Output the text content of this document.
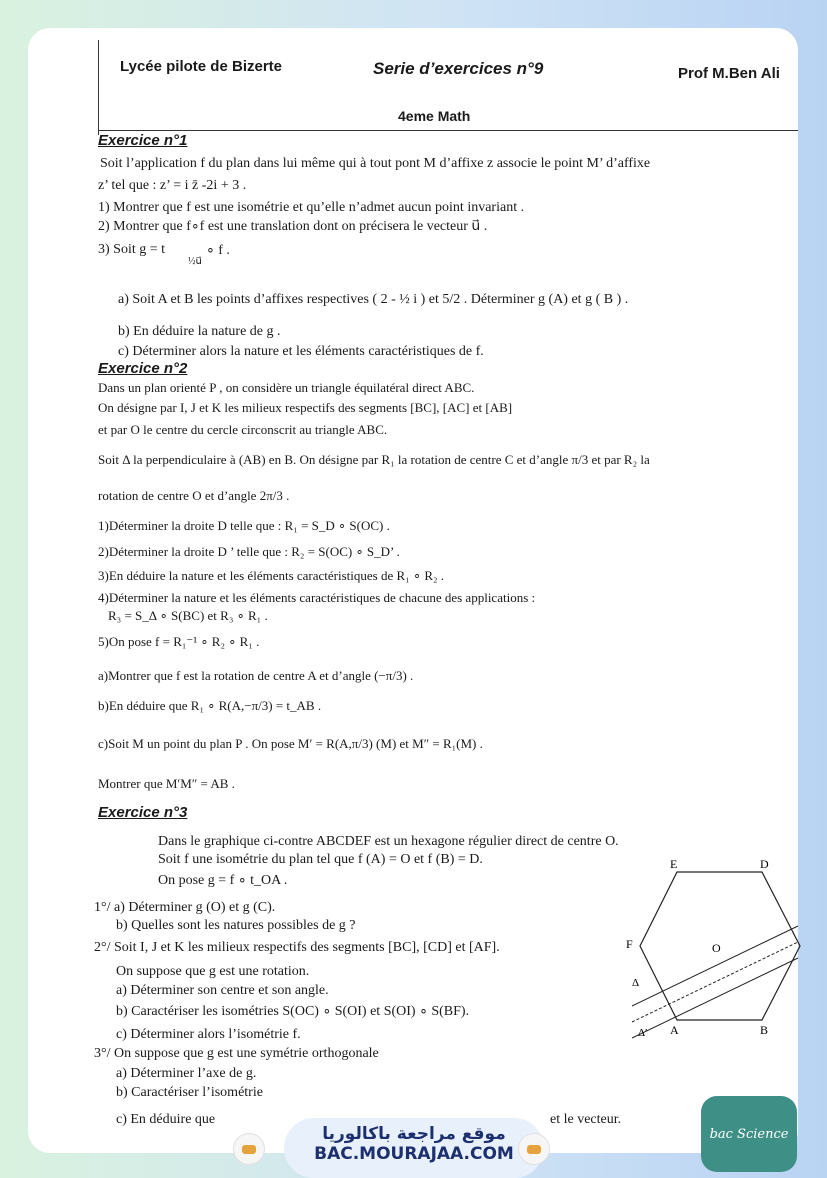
Lycée pilote de Bizerte	Serie d’exercices n°9	Prof M.Ben Ali
4eme Math
Exercice n°1
Soit l’application f du plan dans lui même qui à tout pont M d’affixe z associe le point M’ d’affixe
z’ tel que : z’ = i z̄ -2i + 3 .
1) Montrer que f est une isométrie et qu’elle n’admet aucun point invariant .
2) Montrer que f∘f est une translation dont on précisera le vecteur u⃗ .
3) Soit g = t
½u⃗
∘ f .
a) Soit A et B les points d’affixes respectives ( 2 - ½ i ) et 5/2 . Déterminer g (A) et g ( B ) .
b) En déduire la nature de g .
c) Déterminer alors la nature et les éléments caractéristiques de f.
Exercice n°2
Dans un plan orienté P , on considère un triangle équilatéral direct ABC.
On désigne par I, J et K les milieux respectifs des segments [BC], [AC] et [AB]
et par O le centre du cercle circonscrit au triangle ABC.
Soit Δ la perpendiculaire à (AB) en B. On désigne par R₁ la rotation de centre C et d’angle π/3 et par R₂ la
rotation de centre O et d’angle 2π/3 .
1)Déterminer la droite D telle que : R₁ = S_D ∘ S(OC) .
2)Déterminer la droite D ’ telle que : R₂ = S(OC) ∘ S_D’ .
3)En déduire la nature et les éléments caractéristiques de R₁ ∘ R₂ .
4)Déterminer la nature et les éléments caractéristiques de chacune des applications :
R₃ = S_Δ ∘ S(BC) et R₃ ∘ R₁ .
5)On pose f = R₁⁻¹ ∘ R₂ ∘ R₁ .
a)Montrer que f est la rotation de centre A et d’angle (−π/3) .
b)En déduire que R₁ ∘ R(A,−π/3) = t_AB .
c)Soit M un point du plan P . On pose M′ = R(A,π/3) (M) et M″ = R₁(M) .
Montrer que M′M″ = AB .
Exercice n°3
Dans le graphique ci-contre ABCDEF est un hexagone régulier direct de centre O.
Soit f une isométrie du plan tel que f (A) = O et f (B) = D.
On pose g = f ∘ t_OA .
1°/ a) Déterminer g (O) et g (C).
b) Quelles sont les natures possibles de g ?
2°/ Soit I, J et K les milieux respectifs des segments [BC], [CD] et [AF].
On suppose que g est une rotation.
a) Déterminer son centre et son angle.
b) Caractériser les isométries S(OC) ∘ S(OI) et S(OI) ∘ S(BF).
c) Déterminer alors l’isométrie f.
3°/ On suppose que g est une symétrie orthogonale
a) Déterminer l’axe de g.
b) Caractériser l’isométrie
c) En déduire que	et le vecteur.
E	D
F	O
A	B
Δ'
Δ
موقع مراجعة باكالوريا
BAC.MOURAJAA.COM
bac Science
